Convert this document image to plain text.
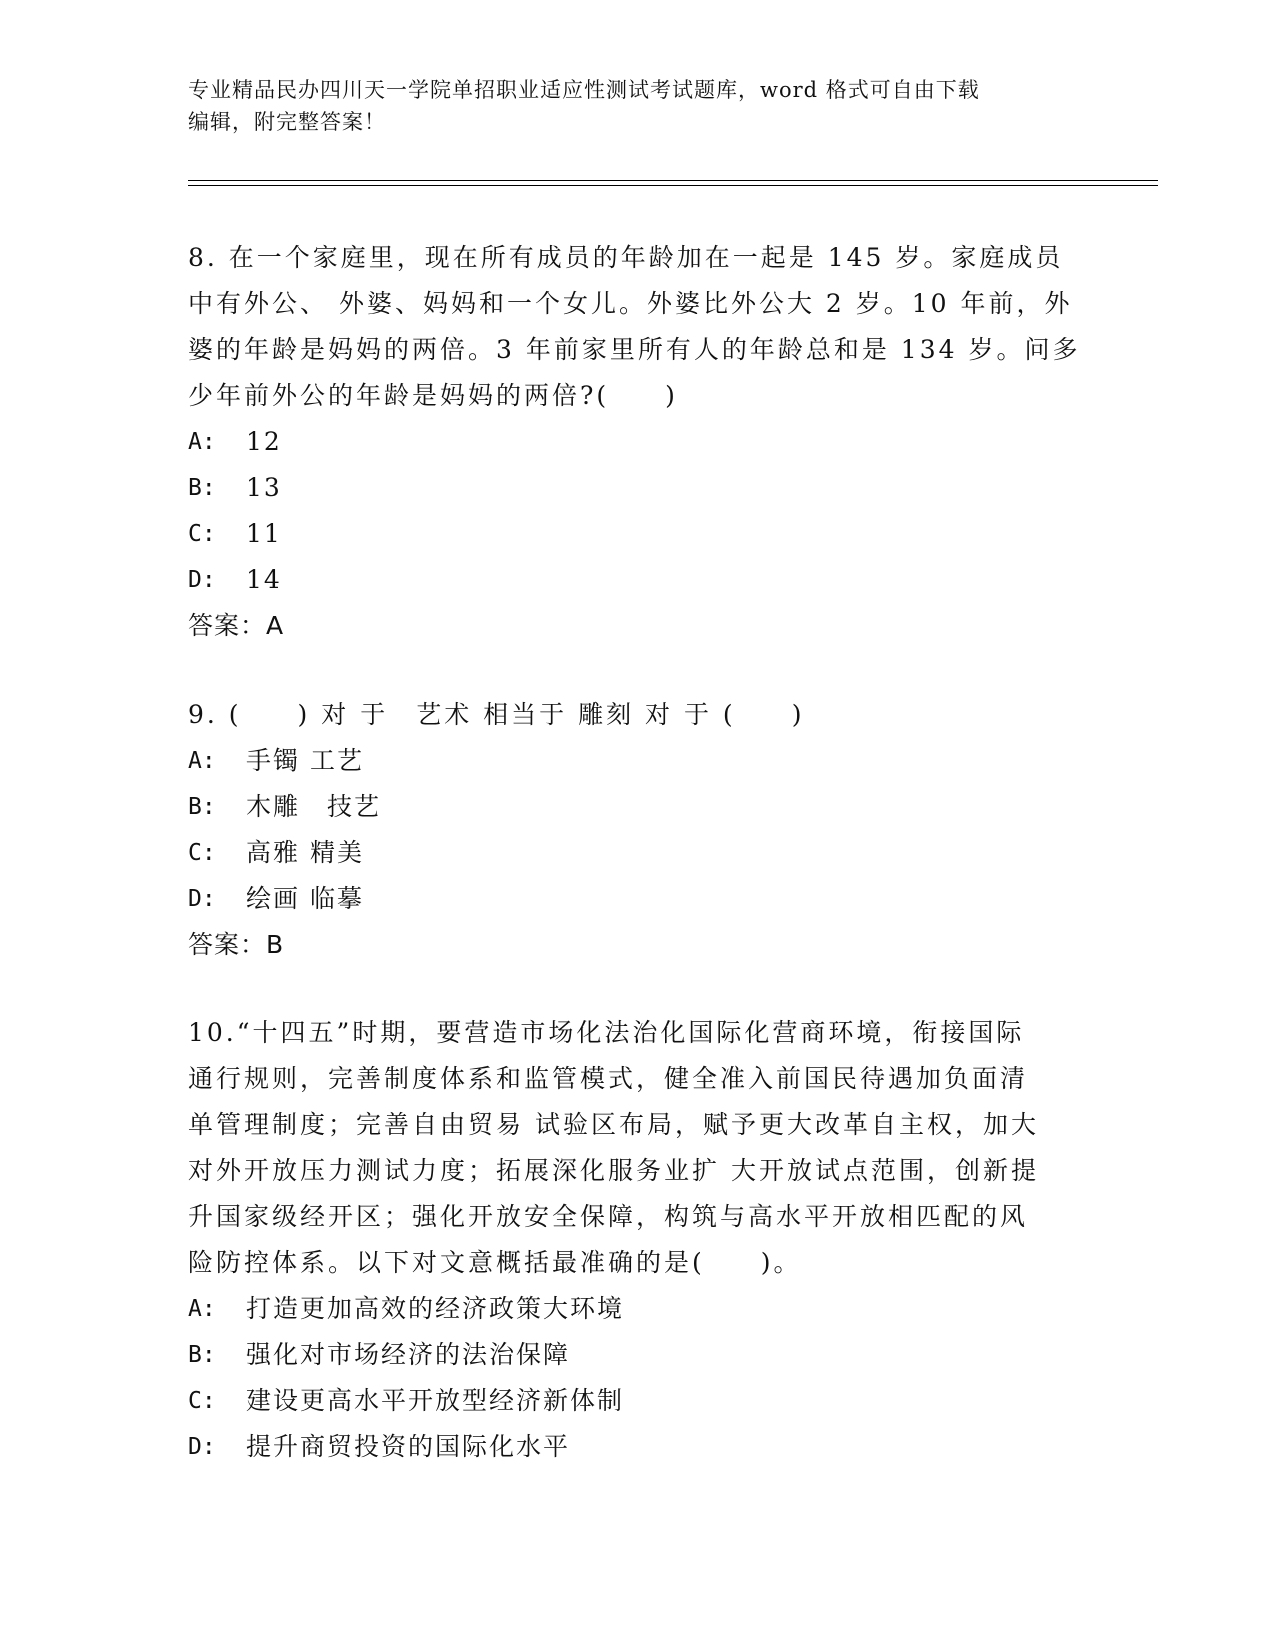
专业精品民办四川天一学院单招职业适应性测试考试题库，word 格式可自由下载
编辑，附完整答案！
8. 在一个家庭里，现在所有成员的年龄加在一起是 145 岁。家庭成员
中有外公、 外婆、妈妈和一个女儿。外婆比外公大 2 岁。10 年前，外
婆的年龄是妈妈的两倍。3 年前家里所有人的年龄总和是 134 岁。问多
少年前外公的年龄是妈妈的两倍?(　　)
A:	12
B:	13
C:	11
D:	14
答案：A
9. (　　) 对 于　艺术 相当于 雕刻 对 于 (　　)
A:	手镯 工艺
B:	木雕　技艺
C:	高雅 精美
D:	绘画 临摹
答案：B
10.“十四五”时期，要营造市场化法治化国际化营商环境，衔接国际
通行规则，完善制度体系和监管模式，健全准入前国民待遇加负面清
单管理制度；完善自由贸易 试验区布局，赋予更大改革自主权，加大
对外开放压力测试力度；拓展深化服务业扩 大开放试点范围，创新提
升国家级经开区；强化开放安全保障，构筑与高水平开放相匹配的风
险防控体系。以下对文意概括最准确的是(　　)。
A:	打造更加高效的经济政策大环境
B:	强化对市场经济的法治保障
C:	建设更高水平开放型经济新体制
D:	提升商贸投资的国际化水平
